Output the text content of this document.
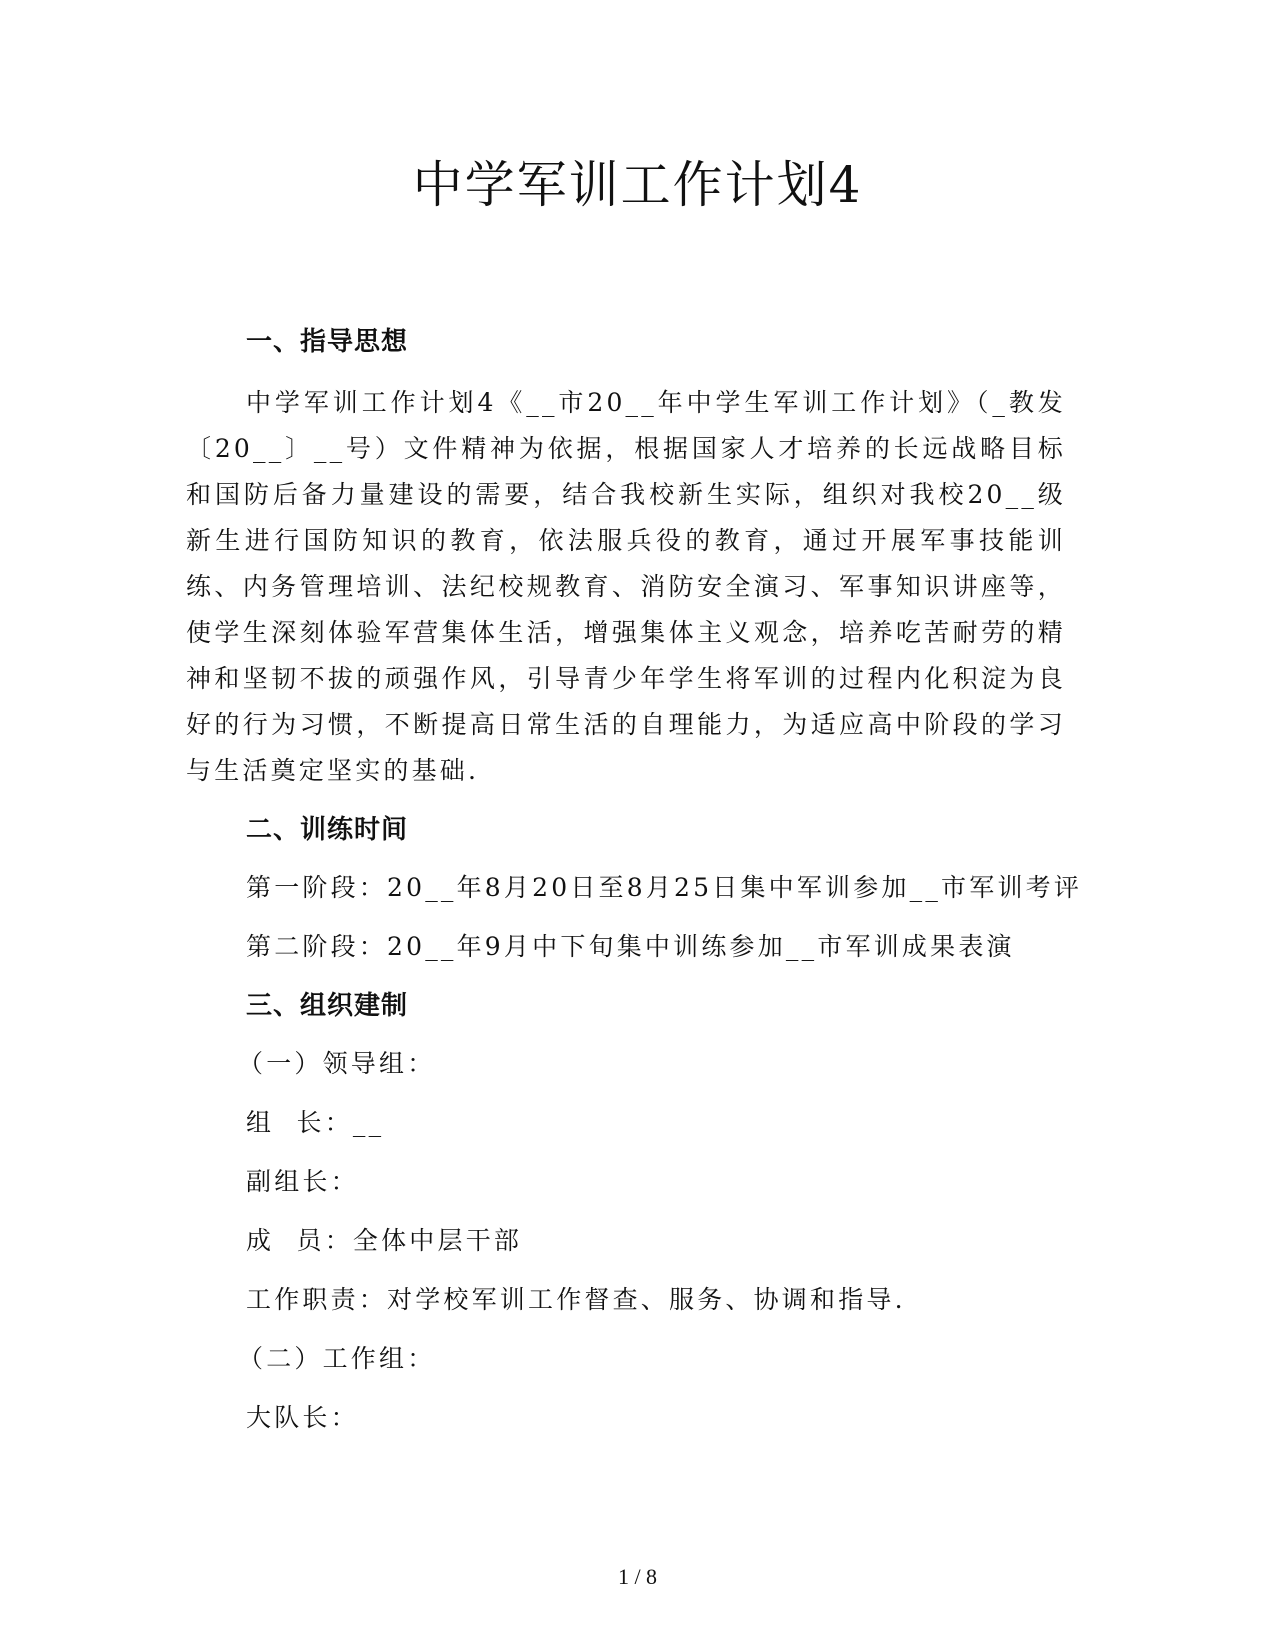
中学军训工作计划4
一、指导思想

中学军训工作计划4《__市20__年中学生军训工作计划》（_教发〔20__〕__号）文件精神为依据，根据国家人才培养的长远战略目标和国防后备力量建设的需要，结合我校新生实际，组织对我校20__级新生进行国防知识的教育，依法服兵役的教育，通过开展军事技能训练、内务管理培训、法纪校规教育、消防安全演习、军事知识讲座等，使学生深刻体验军营集体生活，增强集体主义观念，培养吃苦耐劳的精神和坚韧不拔的顽强作风，引导青少年学生将军训的过程内化积淀为良好的行为习惯，不断提高日常生活的自理能力，为适应高中阶段的学习与生活奠定坚实的基础.

二、训练时间
第一阶段：20__年8月20日至8月25日集中军训参加__市军训考评
第二阶段：20__年9月中下旬集中训练参加__市军训成果表演
三、组织建制
（一）领导组：
组  长：__
副组长：
成  员：全体中层干部
工作职责：对学校军训工作督查、服务、协调和指导.
（二）工作组：
大队长：
1 / 8
